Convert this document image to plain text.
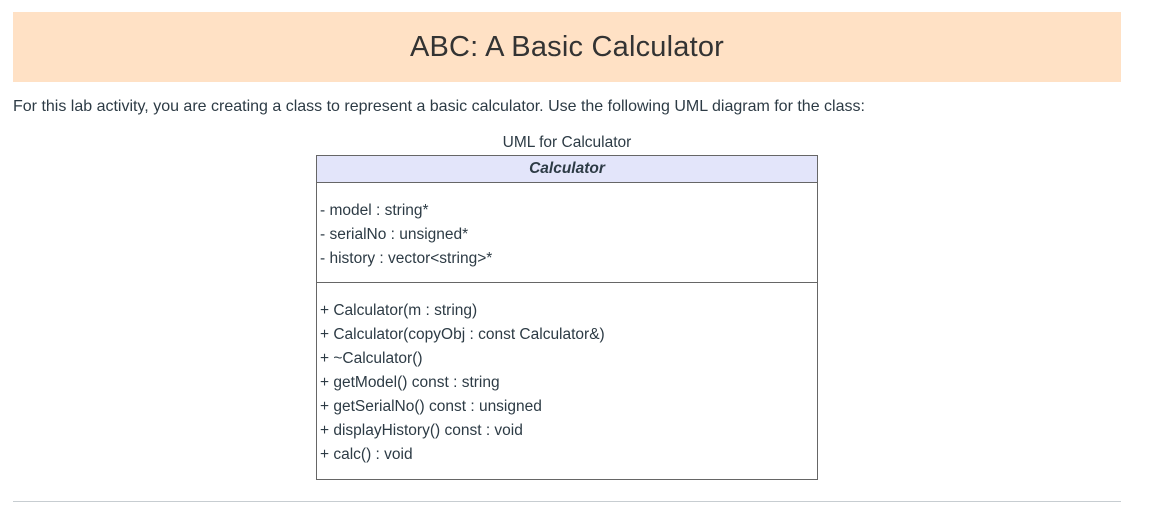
ABC: A Basic Calculator

For this lab activity, you are creating a class to represent a basic calculator. Use the following UML diagram for the class:

UML for Calculator
Calculator
- model : string*
- serialNo : unsigned*
- history : vector<string>*
+ Calculator(m : string)
+ Calculator(copyObj : const Calculator&)
+ ~Calculator()
+ getModel() const : string
+ getSerialNo() const : unsigned
+ displayHistory() const : void
+ calc() : void
